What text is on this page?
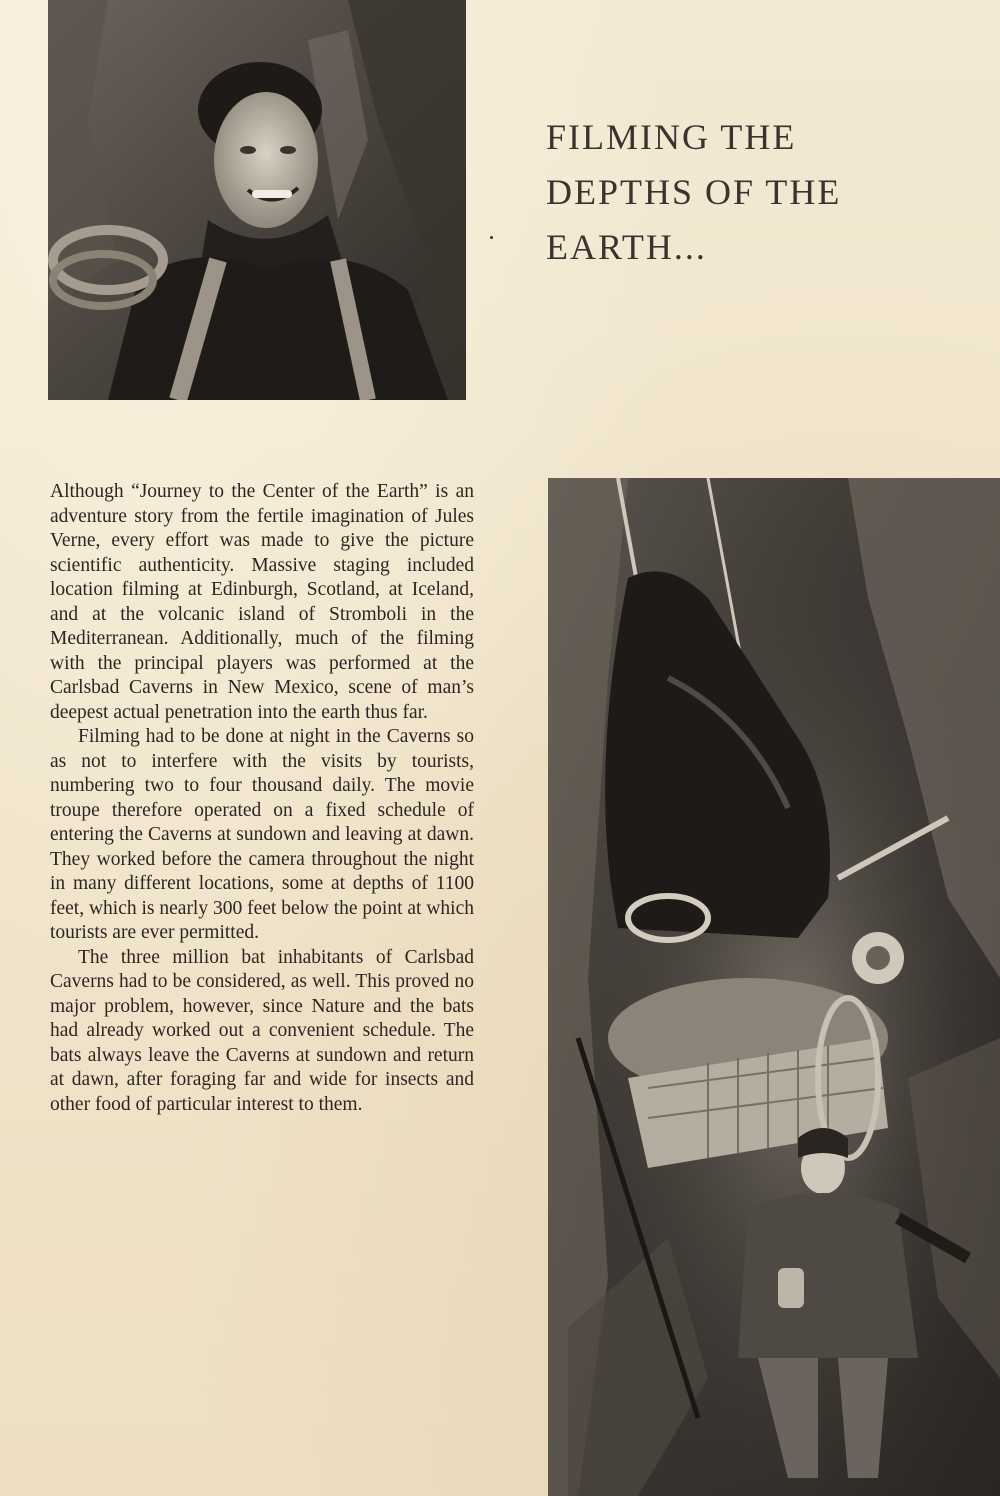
FILMING THE
DEPTHS OF THE
EARTH...

Although “Journey to the Center of the Earth” is an adventure story from the fertile imagination of Jules Verne, every effort was made to give the picture scientific authenticity. Massive staging included location filming at Edinburgh, Scotland, at Iceland, and at the volcanic island of Stromboli in the Mediterranean. Additionally, much of the filming with the principal players was performed at the Carlsbad Caverns in New Mexico, scene of man’s deepest actual penetration into the earth thus far.

Filming had to be done at night in the Caverns so as not to interfere with the visits by tourists, numbering two to four thousand daily. The movie troupe therefore operated on a fixed schedule of entering the Caverns at sundown and leaving at dawn. They worked before the camera throughout the night in many different locations, some at depths of 1100 feet, which is nearly 300 feet below the point at which tourists are ever permitted.

The three million bat inhabitants of Carlsbad Caverns had to be considered, as well. This proved no major problem, however, since Nature and the bats had already worked out a convenient schedule. The bats always leave the Caverns at sundown and return at dawn, after foraging far and wide for insects and other food of particular interest to them.
